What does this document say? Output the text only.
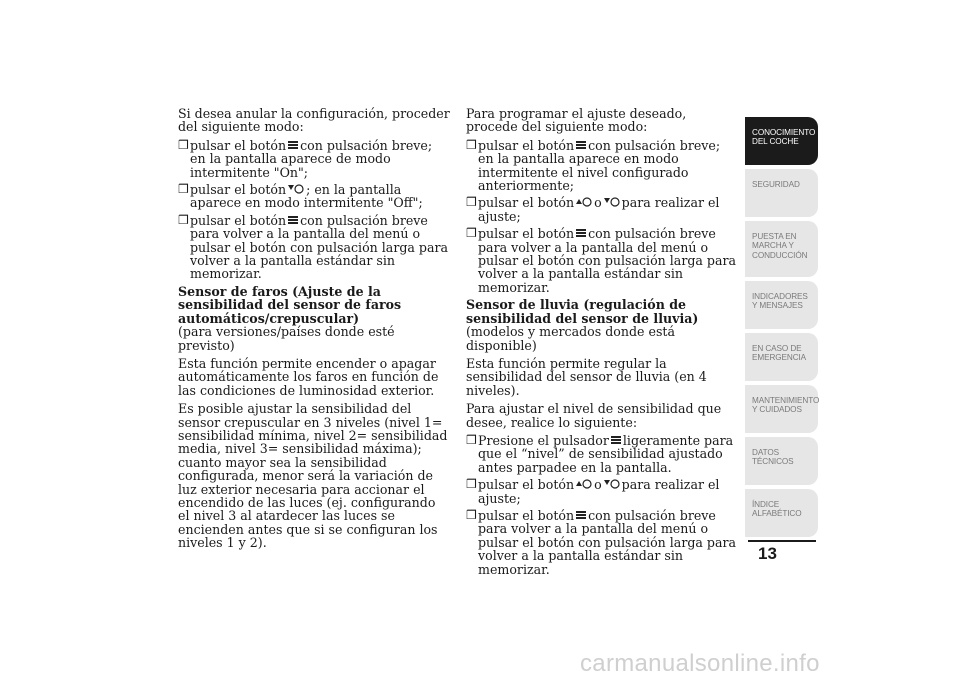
Si desea anular la configuración, proceder del siguiente modo:

❒ pulsar el botón con pulsación breve; en la pantalla aparece de modo intermitente "On";
❒ pulsar el botón ; en la pantalla aparece en modo intermitente "Off";
❒ pulsar el botón con pulsación breve para volver a la pantalla del menú o pulsar el botón con pulsación larga para volver a la pantalla estándar sin memorizar.

Sensor de faros (Ajuste de la sensibilidad del sensor de faros automáticos/crepuscular)
(para versiones/países donde esté previsto)

Esta función permite encender o apagar automáticamente los faros en función de las condiciones de luminosidad exterior.

Es posible ajustar la sensibilidad del sensor crepuscular en 3 niveles (nivel 1= sensibilidad mínima, nivel 2= sensibilidad media, nivel 3= sensibilidad máxima); cuanto mayor sea la sensibilidad configurada, menor será la variación de luz exterior necesaria para accionar el encendido de las luces (ej. configurando el nivel 3 al atardecer las luces se encienden antes que si se configuran los niveles 1 y 2).

Para programar el ajuste deseado, procede del siguiente modo:

❒ pulsar el botón con pulsación breve; en la pantalla aparece en modo intermitente el nivel configurado anteriormente;
❒ pulsar el botón o para realizar el ajuste;
❒ pulsar el botón con pulsación breve para volver a la pantalla del menú o pulsar el botón con pulsación larga para volver a la pantalla estándar sin memorizar.

Sensor de lluvia (regulación de sensibilidad del sensor de lluvia)(modelos y mercados donde está disponible)

Esta función permite regular la sensibilidad del sensor de lluvia (en 4 niveles).

Para ajustar el nivel de sensibilidad que desee, realice lo siguiente:

❒ Presione el pulsador ligeramente para que el “nivel” de sensibilidad ajustado antes parpadee en la pantalla.
❒ pulsar el botón o para realizar el ajuste;
❒ pulsar el botón con pulsación breve para volver a la pantalla del menú o pulsar el botón con pulsación larga para volver a la pantalla estándar sin memorizar.
CONOCIMIENTO DEL COCHE
SEGURIDAD
PUESTA EN MARCHA Y CONDUCCIÓN
INDICADORES Y MENSAJES
EN CASO DE EMERGENCIA
MANTENIMIENTO Y CUIDADOS
DATOS TÉCNICOS
ÍNDICE ALFABÉTICO
13
carmanualsonline.info
